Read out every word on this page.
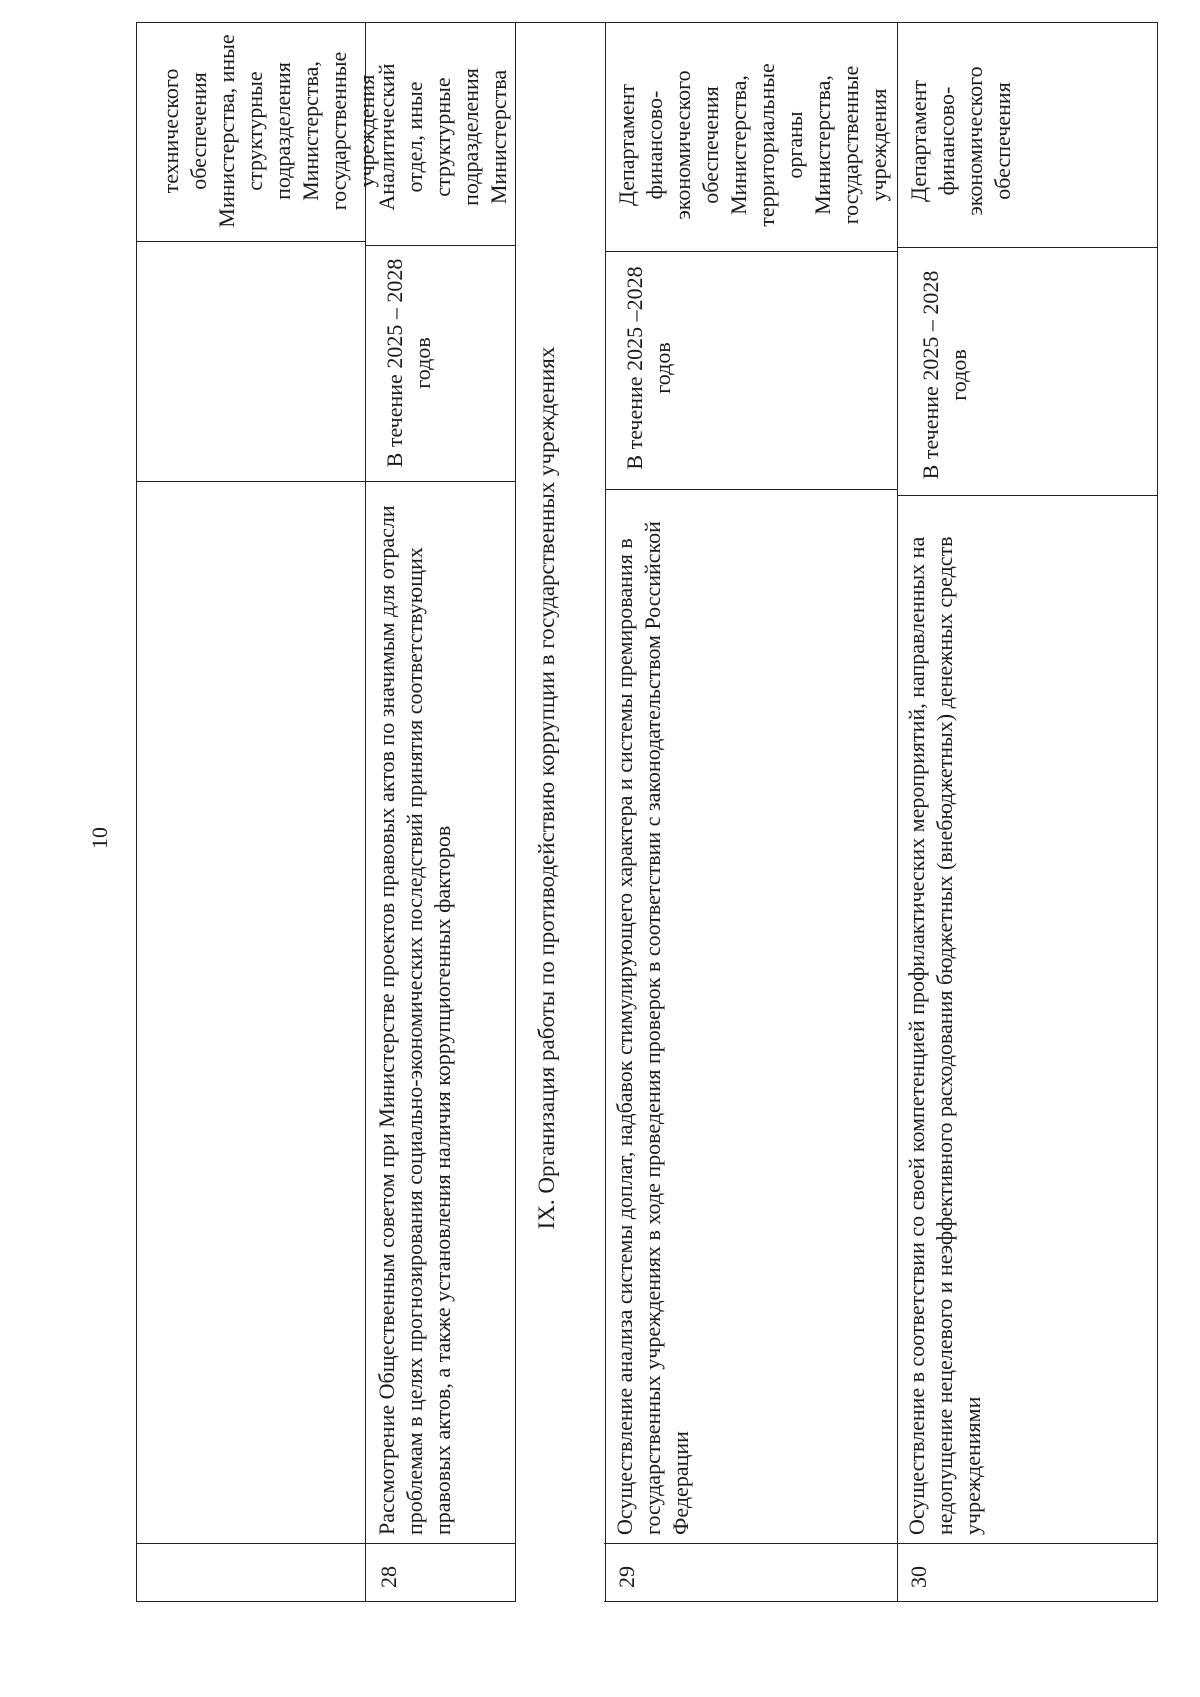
10
технического обеспечения Министерства, иные структурные подразделения Министерства, государственные учреждения
28
Рассмотрение Общественным советом при Министерстве проектов правовых актов по значимым для отрасли проблемам в целях прогнозирования социально-экономических последствий принятия соответствующих правовых актов, а также установления наличия коррупциогенных факторов
В течение 2025 – 2028 годов
Аналитический отдел, иные структурные подразделения Министерства
IX. Организация работы по противодействию коррупции в государственных учреждениях
29
Осуществление анализа системы доплат, надбавок стимулирующего характера и системы премирования в государственных учреждениях в ходе проведения проверок в соответствии с законодательством Российской Федерации
В течение 2025 –2028 годов
Департамент финансово-экономического обеспечения Министерства, территориальные органы Министерства, государственные учреждения
30
Осуществление в соответствии со своей компетенцией профилактических мероприятий, направленных на недопущение нецелевого и неэффективного расходования бюджетных (внебюджетных) денежных средств учреждениями
В течение 2025 – 2028 годов
Департамент финансово-экономического обеспечения
